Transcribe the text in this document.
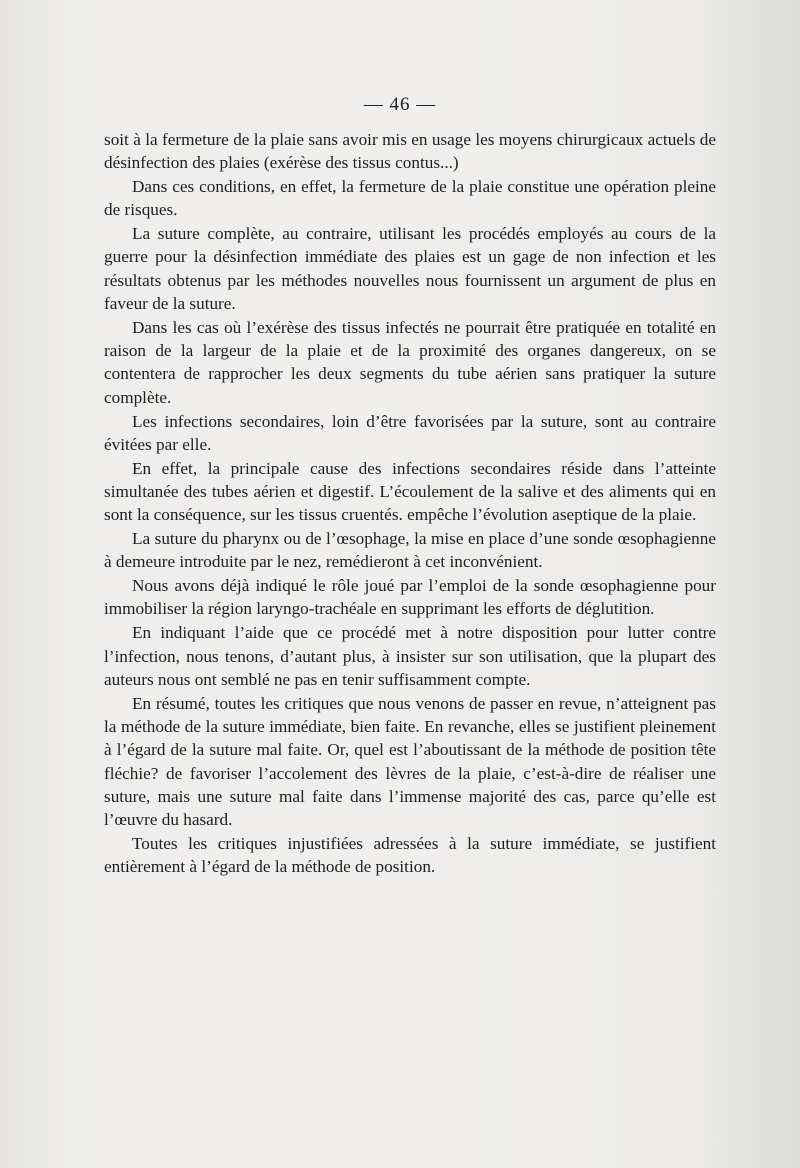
— 46 —

soit à la fermeture de la plaie sans avoir mis en usage les moyens chirurgicaux actuels de désinfection des plaies (exérèse des tissus contus...)

Dans ces conditions, en effet, la fermeture de la plaie constitue une opération pleine de risques.

La suture complète, au contraire, utilisant les procédés employés au cours de la guerre pour la désinfection immédiate des plaies est un gage de non infection et les résultats obtenus par les méthodes nouvelles nous fournissent un argument de plus en faveur de la suture.

Dans les cas où l’exérèse des tissus infectés ne pourrait être pratiquée en totalité en raison de la largeur de la plaie et de la proximité des organes dangereux, on se contentera de rapprocher les deux segments du tube aérien sans pratiquer la suture complète.

Les infections secondaires, loin d’être favorisées par la suture, sont au contraire évitées par elle.

En effet, la principale cause des infections secondaires réside dans l’atteinte simultanée des tubes aérien et digestif. L’écoulement de la salive et des aliments qui en sont la conséquence, sur les tissus cruentés. empêche l’évolution aseptique de la plaie.

La suture du pharynx ou de l’œsophage, la mise en place d’une sonde œsophagienne à demeure introduite par le nez, remédieront à cet inconvénient.

Nous avons déjà indiqué le rôle joué par l’emploi de la sonde œsophagienne pour immobiliser la région laryngo-trachéale en supprimant les efforts de déglutition.

En indiquant l’aide que ce procédé met à notre disposition pour lutter contre l’infection, nous tenons, d’autant plus, à insister sur son utilisation, que la plupart des auteurs nous ont semblé ne pas en tenir suffisamment compte.

En résumé, toutes les critiques que nous venons de passer en revue, n’atteignent pas la méthode de la suture immédiate, bien faite. En revanche, elles se justifient pleinement à l’égard de la suture mal faite. Or, quel est l’aboutissant de la méthode de position tête fléchie? de favoriser l’accolement des lèvres de la plaie, c’est-à-dire de réaliser une suture, mais une suture mal faite dans l’immense majorité des cas, parce qu’elle est l’œuvre du hasard.

Toutes les critiques injustifiées adressées à la suture immédiate, se justifient entièrement à l’égard de la méthode de position.
